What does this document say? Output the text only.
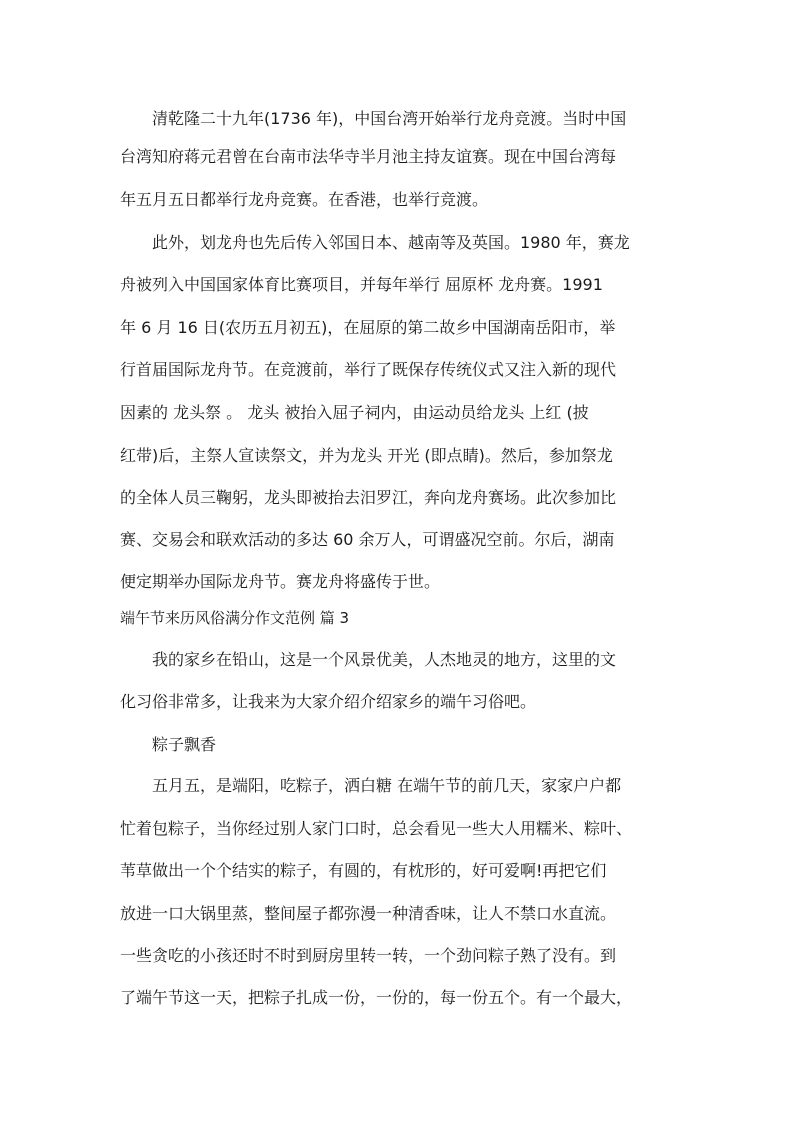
　　清乾隆二十九年(1736 年)，中国台湾开始举行龙舟竞渡。当时中国
台湾知府蒋元君曾在台南市法华寺半月池主持友谊赛。现在中国台湾每
年五月五日都举行龙舟竞赛。在香港，也举行竞渡。
　　此外，划龙舟也先后传入邻国日本、越南等及英国。1980 年，赛龙
舟被列入中国国家体育比赛项目，并每年举行 屈原杯 龙舟赛。1991
年 6 月 16 日(农历五月初五)，在屈原的第二故乡中国湖南岳阳市，举
行首届国际龙舟节。在竞渡前，举行了既保存传统仪式又注入新的现代
因素的 龙头祭 。 龙头 被抬入屈子祠内，由运动员给龙头 上红 (披
红带)后，主祭人宣读祭文，并为龙头 开光 (即点睛)。然后，参加祭龙
的全体人员三鞠躬，龙头即被抬去汨罗江，奔向龙舟赛场。此次参加比
赛、交易会和联欢活动的多达 60 余万人，可谓盛况空前。尔后，湖南
便定期举办国际龙舟节。赛龙舟将盛传于世。
端午节来历风俗满分作文范例 篇 3
　　我的家乡在铅山，这是一个风景优美，人杰地灵的地方，这里的文
化习俗非常多，让我来为大家介绍介绍家乡的端午习俗吧。
　　粽子飘香
　　五月五，是端阳，吃粽子，洒白糖 在端午节的前几天，家家户户都
忙着包粽子，当你经过别人家门口时，总会看见一些大人用糯米、粽叶、
苇草做出一个个结实的粽子，有圆的，有枕形的，好可爱啊!再把它们
放进一口大锅里蒸，整间屋子都弥漫一种清香味，让人不禁口水直流。
一些贪吃的小孩还时不时到厨房里转一转，一个劲问粽子熟了没有。到
了端午节这一天，把粽子扎成一份，一份的，每一份五个。有一个最大，
